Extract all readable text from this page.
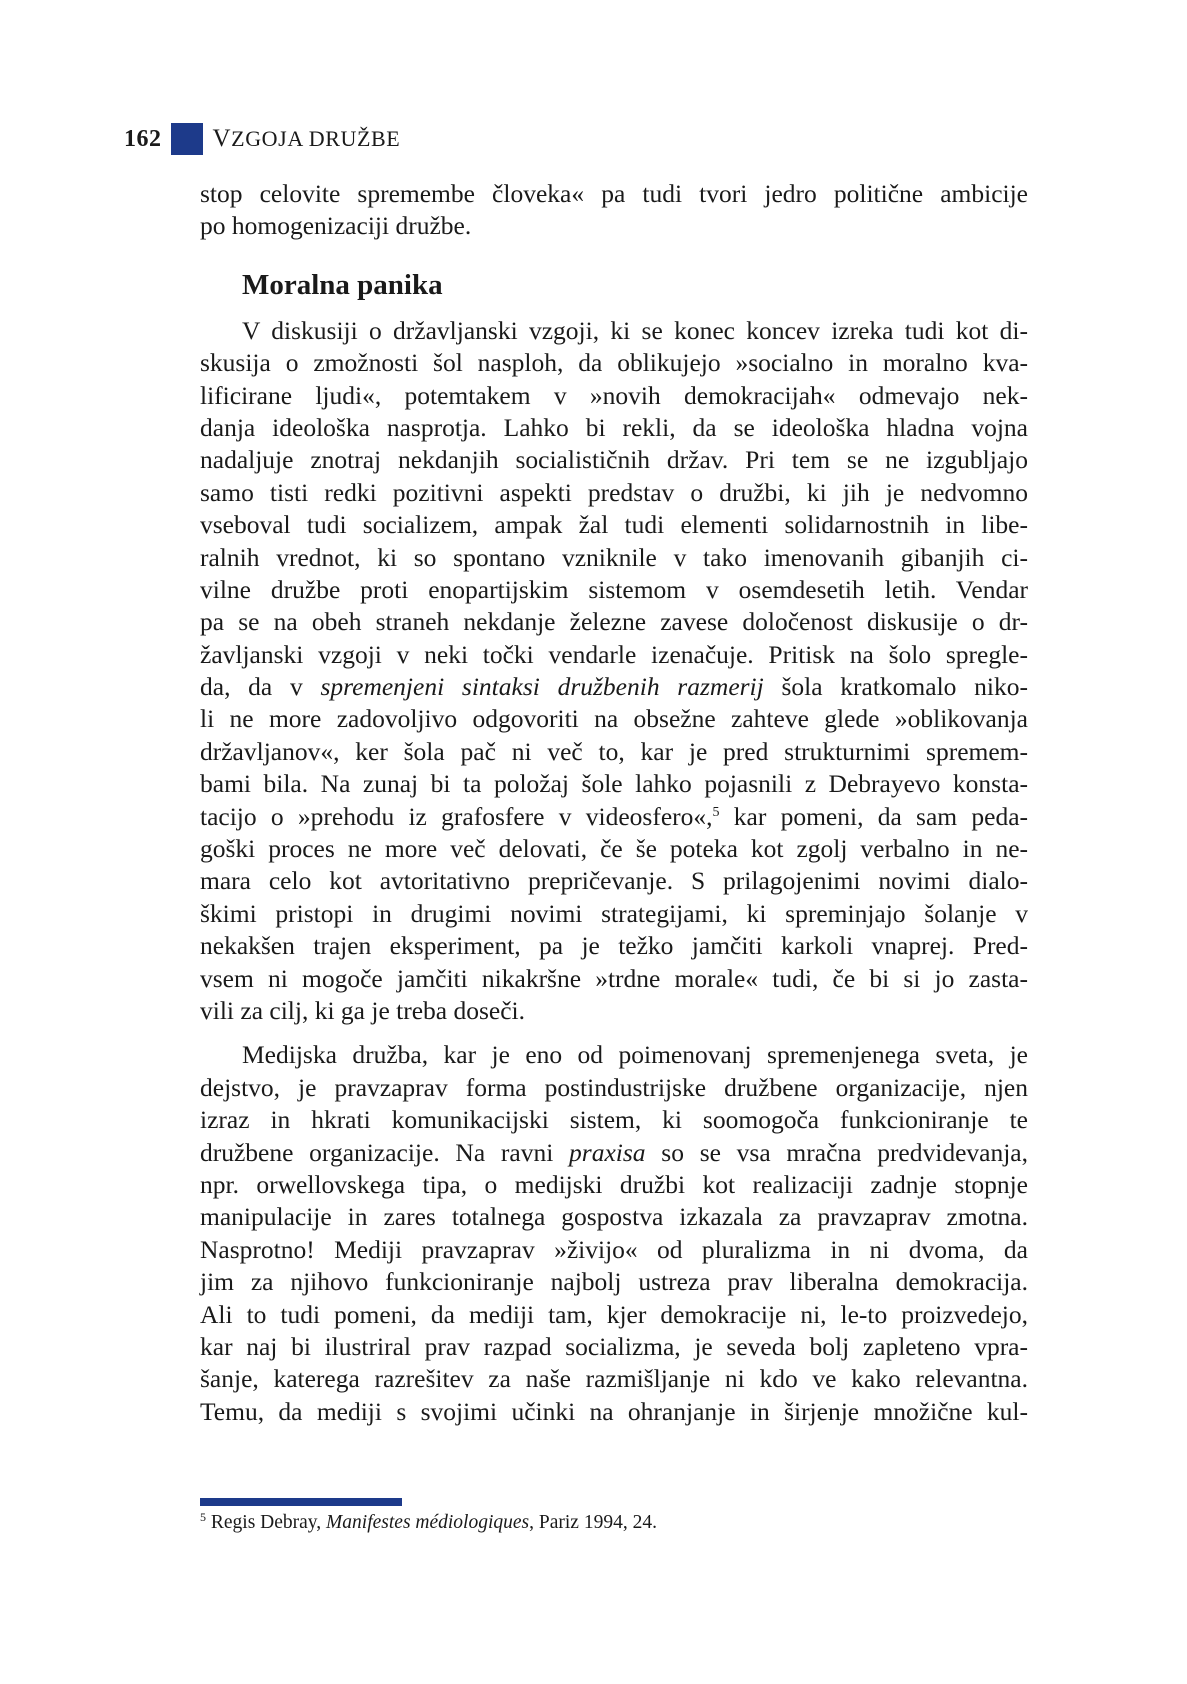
162 VZGOJA DRUŽBE
stop celovite spremembe človeka« pa tudi tvori jedro politične ambicije
po homogenizaciji družbe.
Moralna panika
V diskusiji o državljanski vzgoji, ki se konec koncev izreka tudi kot di-
skusija o zmožnosti šol nasploh, da oblikujejo »socialno in moralno kva-
lificirane ljudi«, potemtakem v »novih demokracijah« odmevajo nek-
danja ideološka nasprotja. Lahko bi rekli, da se ideološka hladna vojna
nadaljuje znotraj nekdanjih socialističnih držav. Pri tem se ne izgubljajo
samo tisti redki pozitivni aspekti predstav o družbi, ki jih je nedvomno
vseboval tudi socializem, ampak žal tudi elementi solidarnostnih in libe-
ralnih vrednot, ki so spontano vzniknile v tako imenovanih gibanjih ci-
vilne družbe proti enopartijskim sistemom v osemdesetih letih. Vendar
pa se na obeh straneh nekdanje železne zavese določenost diskusije o dr-
žavljanski vzgoji v neki točki vendarle izenačuje. Pritisk na šolo spregle-
da, da v spremenjeni sintaksi družbenih razmerij šola kratkomalo niko-
li ne more zadovoljivo odgovoriti na obsežne zahteve glede »oblikovanja
državljanov«, ker šola pač ni več to, kar je pred strukturnimi spremem-
bami bila. Na zunaj bi ta položaj šole lahko pojasnili z Debrayevo konsta-
tacijo o »prehodu iz grafosfere v videosfero«,$^5$ kar pomeni, da sam peda-
goški proces ne more več delovati, če še poteka kot zgolj verbalno in ne-
mara celo kot avtoritativno prepričevanje. S prilagojenimi novimi dialo-
škimi pristopi in drugimi novimi strategijami, ki spreminjajo šolanje v
nekakšen trajen eksperiment, pa je težko jamčiti karkoli vnaprej. Pred-
vsem ni mogoče jamčiti nikakršne »trdne morale« tudi, če bi si jo zasta-
vili za cilj, ki ga je treba doseči.
Medijska družba, kar je eno od poimenovanj spremenjenega sveta, je
dejstvo, je pravzaprav forma postindustrijske družbene organizacije, njen
izraz in hkrati komunikacijski sistem, ki soomogoča funkcioniranje te
družbene organizacije. Na ravni praxisa so se vsa mračna predvidevanja,
npr. orwellovskega tipa, o medijski družbi kot realizaciji zadnje stopnje
manipulacije in zares totalnega gospostva izkazala za pravzaprav zmotna.
Nasprotno! Mediji pravzaprav »živijo« od pluralizma in ni dvoma, da
jim za njihovo funkcioniranje najbolj ustreza prav liberalna demokracija.
Ali to tudi pomeni, da mediji tam, kjer demokracije ni, le-to proizvedejo,
kar naj bi ilustriral prav razpad socializma, je seveda bolj zapleteno vpra-
šanje, katerega razrešitev za naše razmišljanje ni kdo ve kako relevantna.
Temu, da mediji s svojimi učinki na ohranjanje in širjenje množične kul-
$^5$ Regis Debray, Manifestes médiologiques, Pariz 1994, 24.
